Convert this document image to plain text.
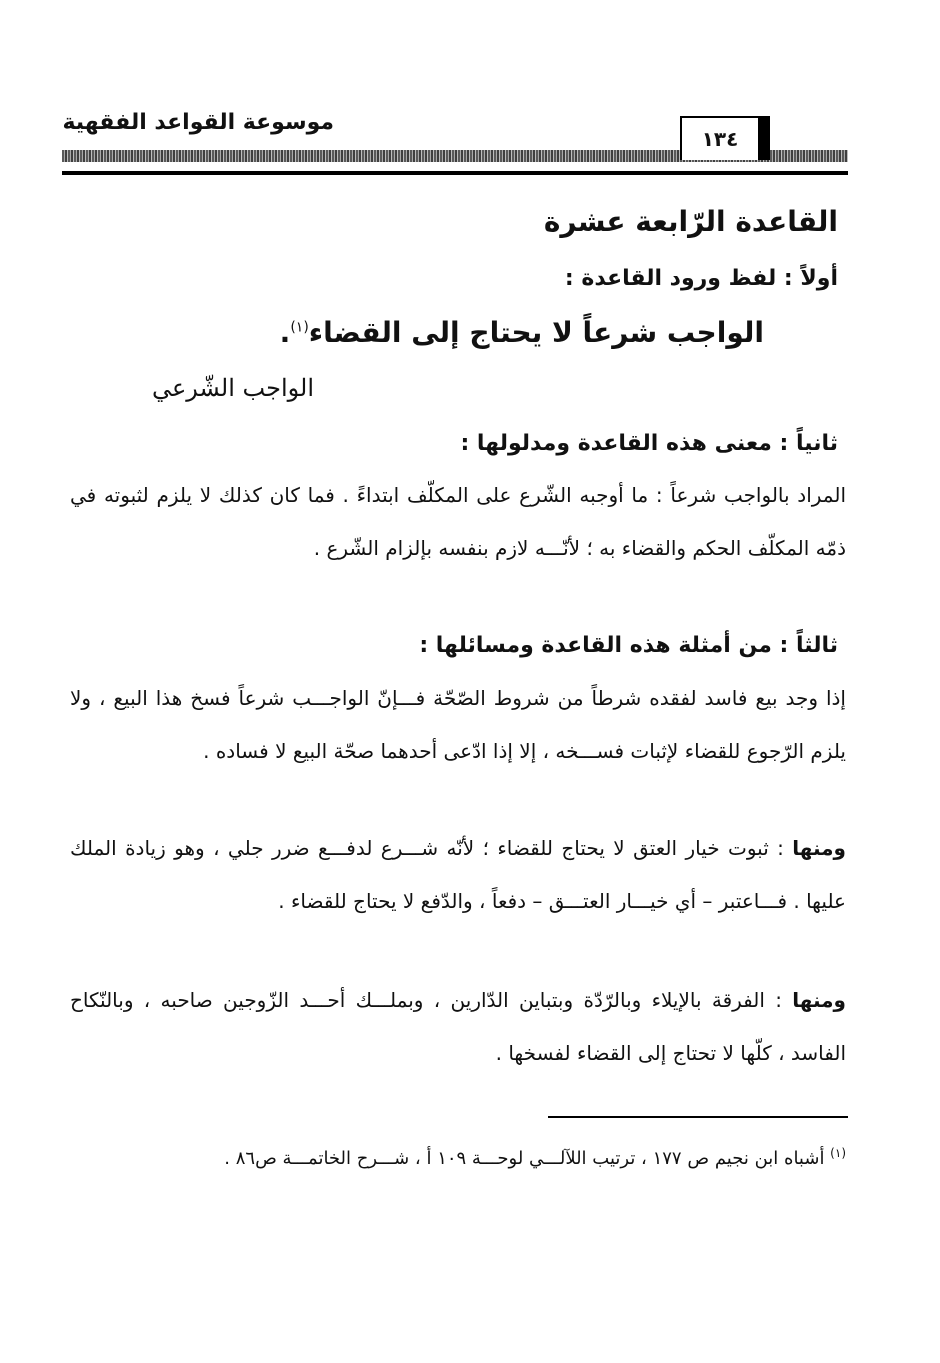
موسوعة القواعد الفقهية
١٣٤
القاعدة الرّابعة عشرة
أولاً : لفظ ورود القاعدة :
الواجب شرعاً لا يحتاج إلى القضاء$^{(١)}$.
الواجب الشّرعي
ثانياً : معنى هذه القاعدة ومدلولها :
المراد بالواجب شرعاً : ما أوجبه الشّرع على المكلّف ابتداءً . فما كان كذلك لا يلزم لثبوته في ذمّه المكلّف الحكم والقضاء به ؛ لأنّـــه لازم بنفسه بإلزام الشّرع .
ثالثاً : من أمثلة هذه القاعدة ومسائلها :
إذا وجد بيع فاسد لفقده شرطاً من شروط الصّحّة فـــإنّ الواجـــب شرعاً فسخ هذا البيع ، ولا يلزم الرّجوع للقضاء لإثبات فســـخه ، إلا إذا ادّعى أحدهما صحّة البيع لا فساده .
ومنها : ثبوت خيار العتق لا يحتاج للقضاء ؛ لأنّه شـــرع لدفـــع ضرر جلي ، وهو زيادة الملك عليها . فـــاعتبر – أي خيـــار العتـــق – دفعاً ، والدّفع لا يحتاج للقضاء .
ومنها : الفرقة بالإيلاء وبالرّدّة وبتباين الدّارين ، وبملـــك أحـــد الزّوجين صاحبه ، وبالنّكاح الفاسد ، كلّها لا تحتاج إلى القضاء لفسخها .
$^{(١)}$ أشباه ابن نجيم ص ١٧٧ ، ترتيب اللآلـــي لوحـــة ١٠٩ أ ، شـــرح الخاتمـــة ص٨٦ .
